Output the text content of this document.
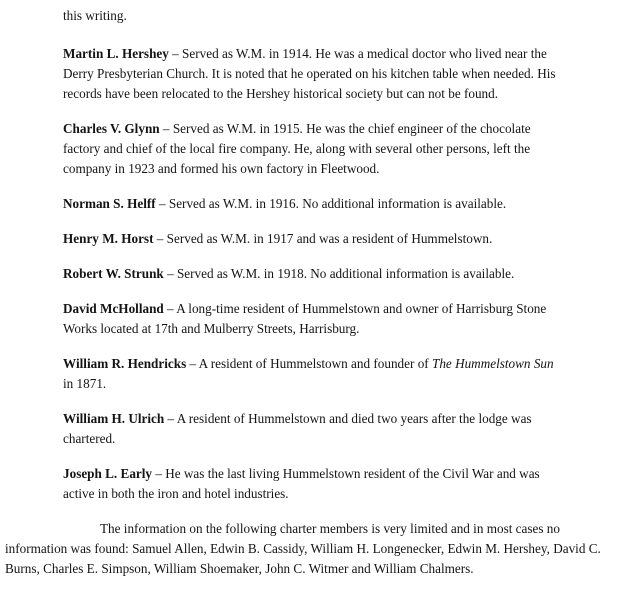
this writing.

Martin L. Hershey – Served as W.M. in 1914. He was a medical doctor who lived near the Derry Presbyterian Church. It is noted that he operated on his kitchen table when needed. His records have been relocated to the Hershey historical society but can not be found.

Charles V. Glynn – Served as W.M. in 1915. He was the chief engineer of the chocolate factory and chief of the local fire company. He, along with several other persons, left the company in 1923 and formed his own factory in Fleetwood.

Norman S. Helff – Served as W.M. in 1916. No additional information is available.

Henry M. Horst – Served as W.M. in 1917 and was a resident of Hummelstown.

Robert W. Strunk – Served as W.M. in 1918. No additional information is available.

David McHolland – A long-time resident of Hummelstown and owner of Harrisburg Stone Works located at 17th and Mulberry Streets, Harrisburg.

William R. Hendricks – A resident of Hummelstown and founder of The Hummelstown Sun in 1871.

William H. Ulrich – A resident of Hummelstown and died two years after the lodge was chartered.

Joseph L. Early – He was the last living Hummelstown resident of the Civil War and was active in both the iron and hotel industries.

The information on the following charter members is very limited and in most cases no information was found: Samuel Allen, Edwin B. Cassidy, William H. Longenecker, Edwin M. Hershey, David C. Burns, Charles E. Simpson, William Shoemaker, John C. Witmer and William Chalmers.
